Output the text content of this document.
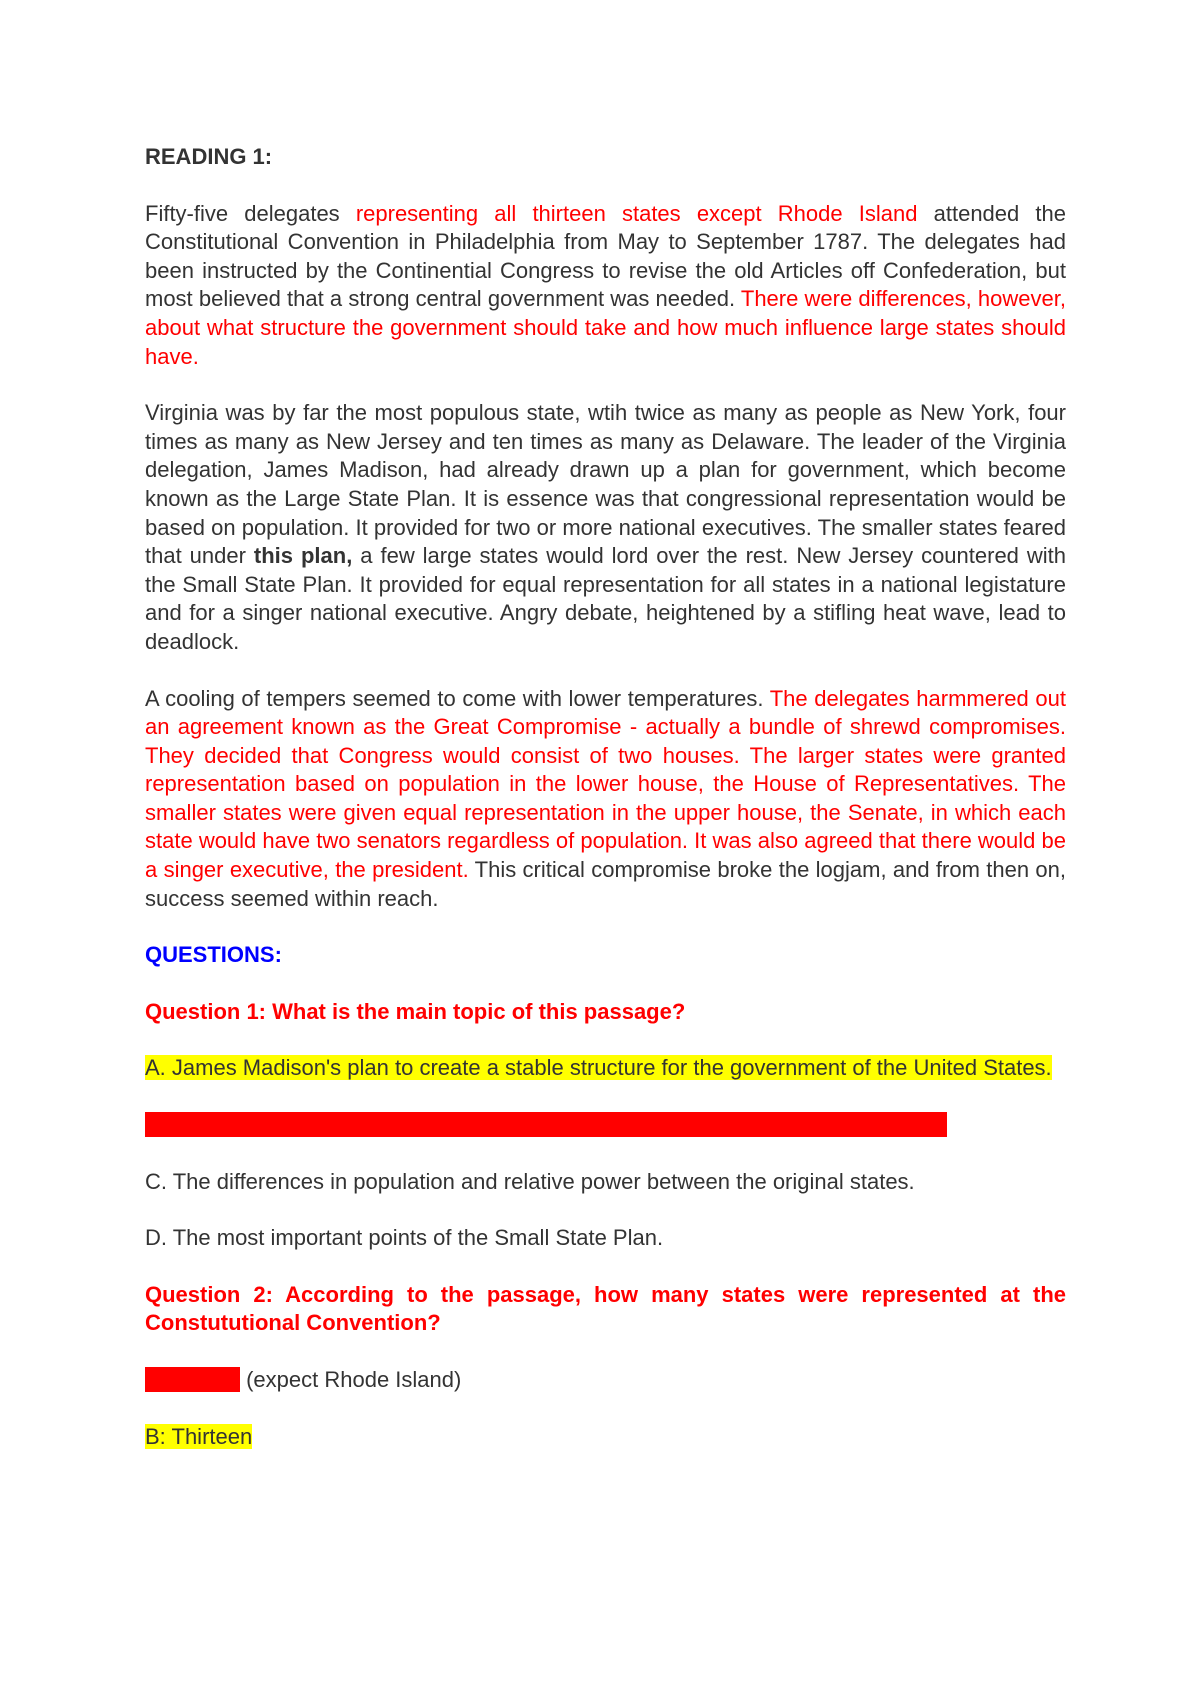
READING 1:

Fifty-five delegates representing all thirteen states except Rhode Island attended the Constitutional Convention in Philadelphia from May to September 1787. The delegates had been instructed by the Continential Congress to revise the old Articles off Confederation, but most believed that a strong central government was needed. There were differences, however, about what structure the government should take and how much influence large states should have.

Virginia was by far the most populous state, wtih twice as many as people as New York, four times as many as New Jersey and ten times as many as Delaware. The leader of the Virginia delegation, James Madison, had already drawn up a plan for government, which become known as the Large State Plan. It is essence was that congressional representation would be based on population. It provided for two or more national executives. The smaller states feared that under this plan, a few large states would lord over the rest. New Jersey countered with the Small State Plan. It provided for equal representation for all states in a national legistature and for a singer national executive. Angry debate, heightened by a stifling heat wave, lead to deadlock.

A cooling of tempers seemed to come with lower temperatures. The delegates harmmered out an agreement known as the Great Compromise - actually a bundle of shrewd compromises. They decided that Congress would consist of two houses. The larger states were granted representation based on population in the lower house, the House of Representatives. The smaller states were given equal representation in the upper house, the Senate, in which each state would have two senators regardless of population. It was also agreed that there would be a singer executive, the president. This critical compromise broke the logjam, and from then on, success seemed within reach.

QUESTIONS:

Question 1: What is the main topic of this passage?

A. James Madison's plan to create a stable structure for the government of the United States.

B. A disagreement at the Constititional Convention and a subsequent compromise.

C. The differences in population and relative power between the original states.

D. The most important points of the Small State Plan.

Question 2: According to the passage, how many states were represented at the Constututional Convention?

A: Twelve (expect Rhode Island)

B: Thirteen
